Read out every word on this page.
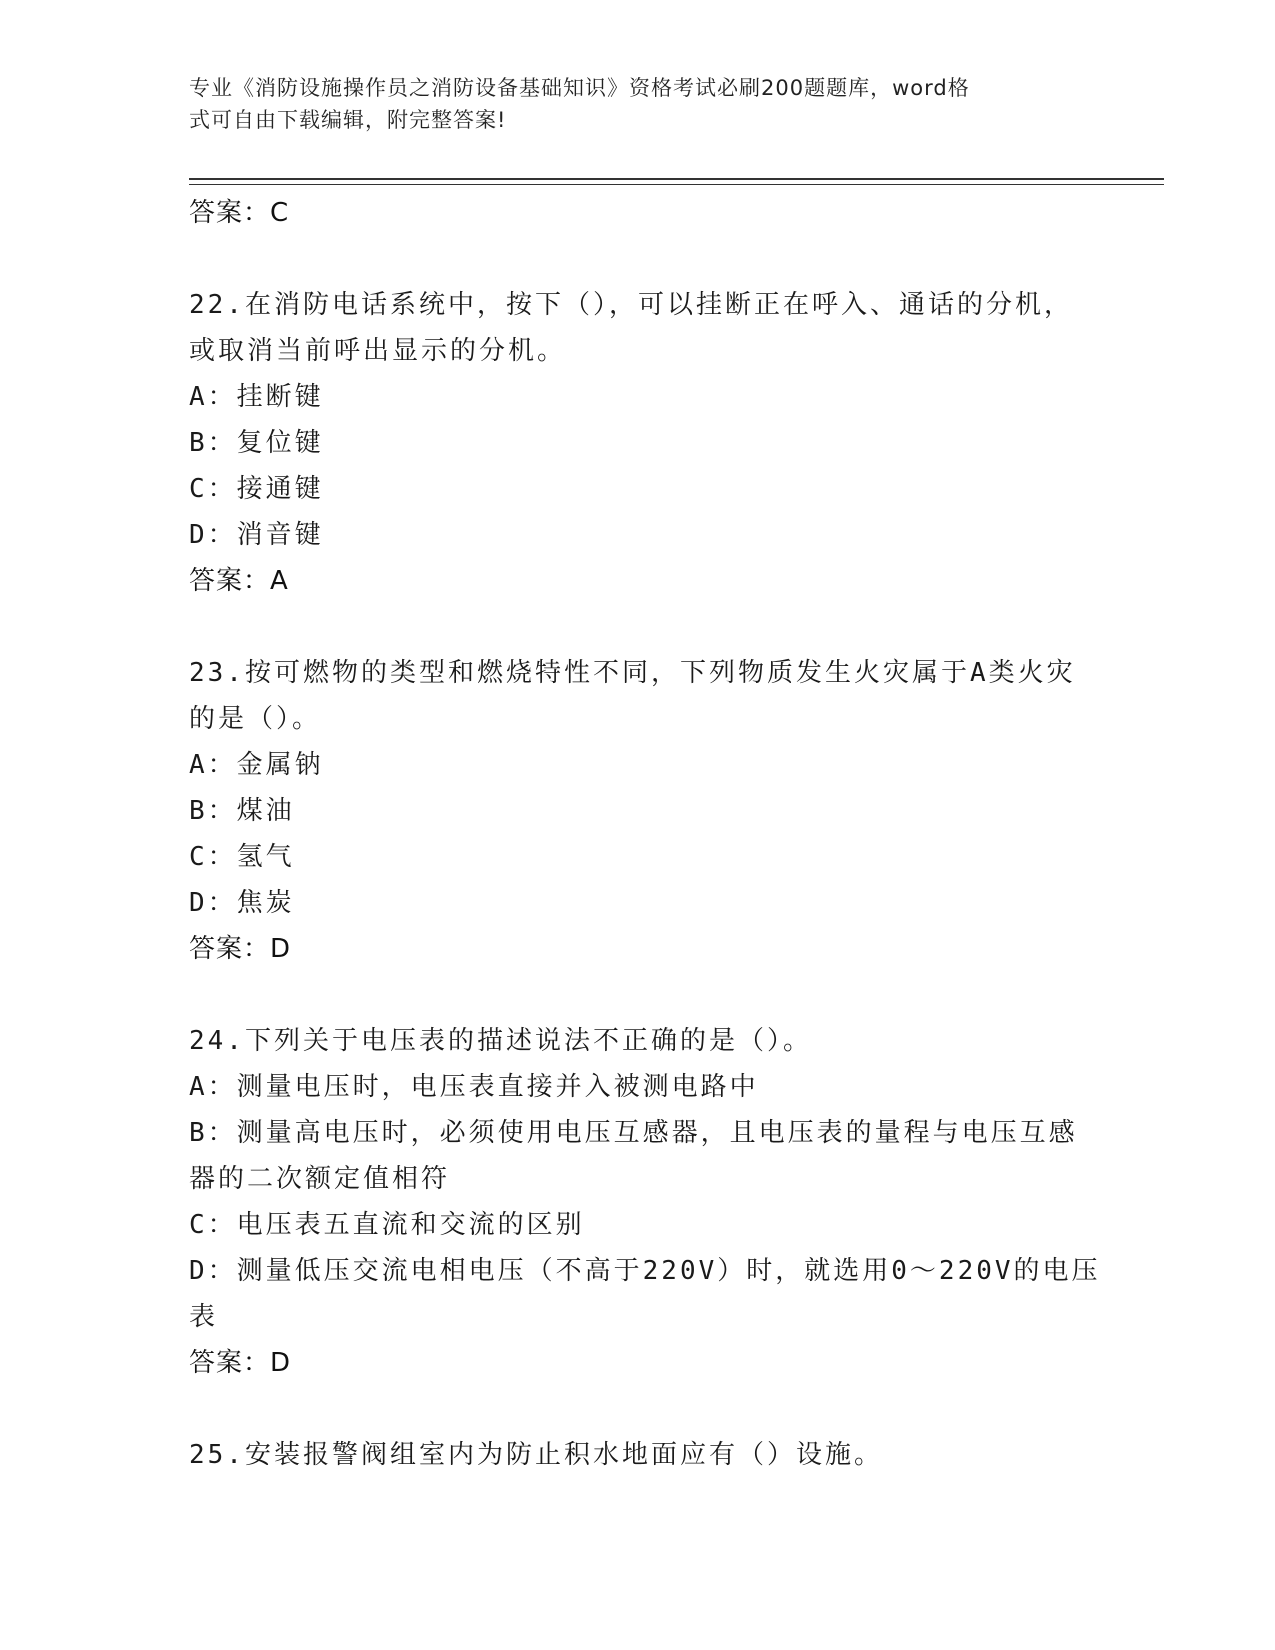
专业《消防设施操作员之消防设备基础知识》资格考试必刷200题题库，word格
式可自由下载编辑，附完整答案!
答案：C
22.在消防电话系统中，按下（），可以挂断正在呼入、通话的分机，
或取消当前呼出显示的分机。
A：挂断键
B：复位键
C：接通键
D：消音键
答案：A
23.按可燃物的类型和燃烧特性不同，下列物质发生火灾属于A类火灾
的是（）。
A：金属钠
B：煤油
C：氢气
D：焦炭
答案：D
24.下列关于电压表的描述说法不正确的是（）。
A：测量电压时，电压表直接并入被测电路中
B：测量高电压时，必须使用电压互感器，且电压表的量程与电压互感
器的二次额定值相符
C：电压表五直流和交流的区别
D：测量低压交流电相电压（不高于220V）时，就选用0～220V的电压
表
答案：D
25.安装报警阀组室内为防止积水地面应有（）设施。
